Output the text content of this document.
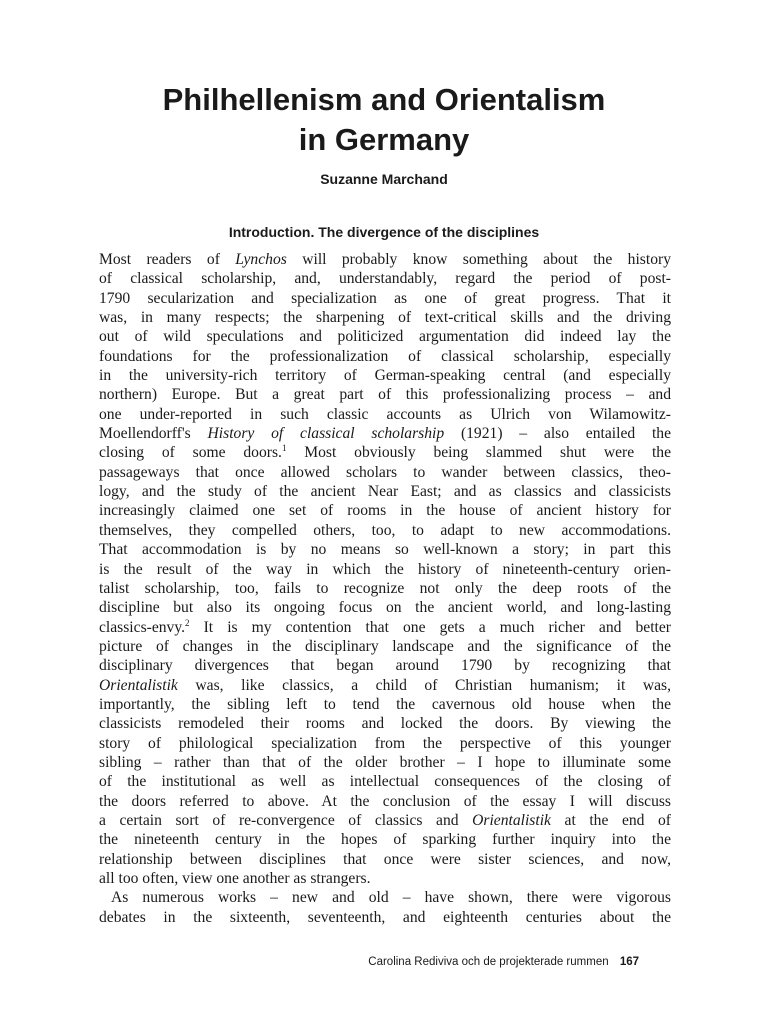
Philhellenism and Orientalism
in Germany
Suzanne Marchand
Introduction. The divergence of the disciplines
Most readers of Lynchos will probably know something about the history
of classical scholarship, and, understandably, regard the period of post-
1790 secularization and specialization as one of great progress. That it
was, in many respects; the sharpening of text-critical skills and the driving
out of wild speculations and politicized argumentation did indeed lay the
foundations for the professionalization of classical scholarship, especially
in the university-rich territory of German-speaking central (and especially
northern) Europe. But a great part of this professionalizing process – and
one under-reported in such classic accounts as Ulrich von Wilamowitz-
Moellendorff's History of classical scholarship (1921) – also entailed the
closing of some doors.$^1$ Most obviously being slammed shut were the
passageways that once allowed scholars to wander between classics, theo-
logy, and the study of the ancient Near East; and as classics and classicists
increasingly claimed one set of rooms in the house of ancient history for
themselves, they compelled others, too, to adapt to new accommodations.
That accommodation is by no means so well-known a story; in part this
is the result of the way in which the history of nineteenth-century orien-
talist scholarship, too, fails to recognize not only the deep roots of the
discipline but also its ongoing focus on the ancient world, and long-lasting
classics-envy.$^2$ It is my contention that one gets a much richer and better
picture of changes in the disciplinary landscape and the significance of the
disciplinary divergences that began around 1790 by recognizing that
Orientalistik was, like classics, a child of Christian humanism; it was,
importantly, the sibling left to tend the cavernous old house when the
classicists remodeled their rooms and locked the doors. By viewing the
story of philological specialization from the perspective of this younger
sibling – rather than that of the older brother – I hope to illuminate some
of the institutional as well as intellectual consequences of the closing of
the doors referred to above. At the conclusion of the essay I will discuss
a certain sort of re-convergence of classics and Orientalistik at the end of
the nineteenth century in the hopes of sparking further inquiry into the
relationship between disciplines that once were sister sciences, and now,
all too often, view one another as strangers.
As numerous works – new and old – have shown, there were vigorous
debates in the sixteenth, seventeenth, and eighteenth centuries about the
Carolina Rediviva och de projekterade rummen 167
